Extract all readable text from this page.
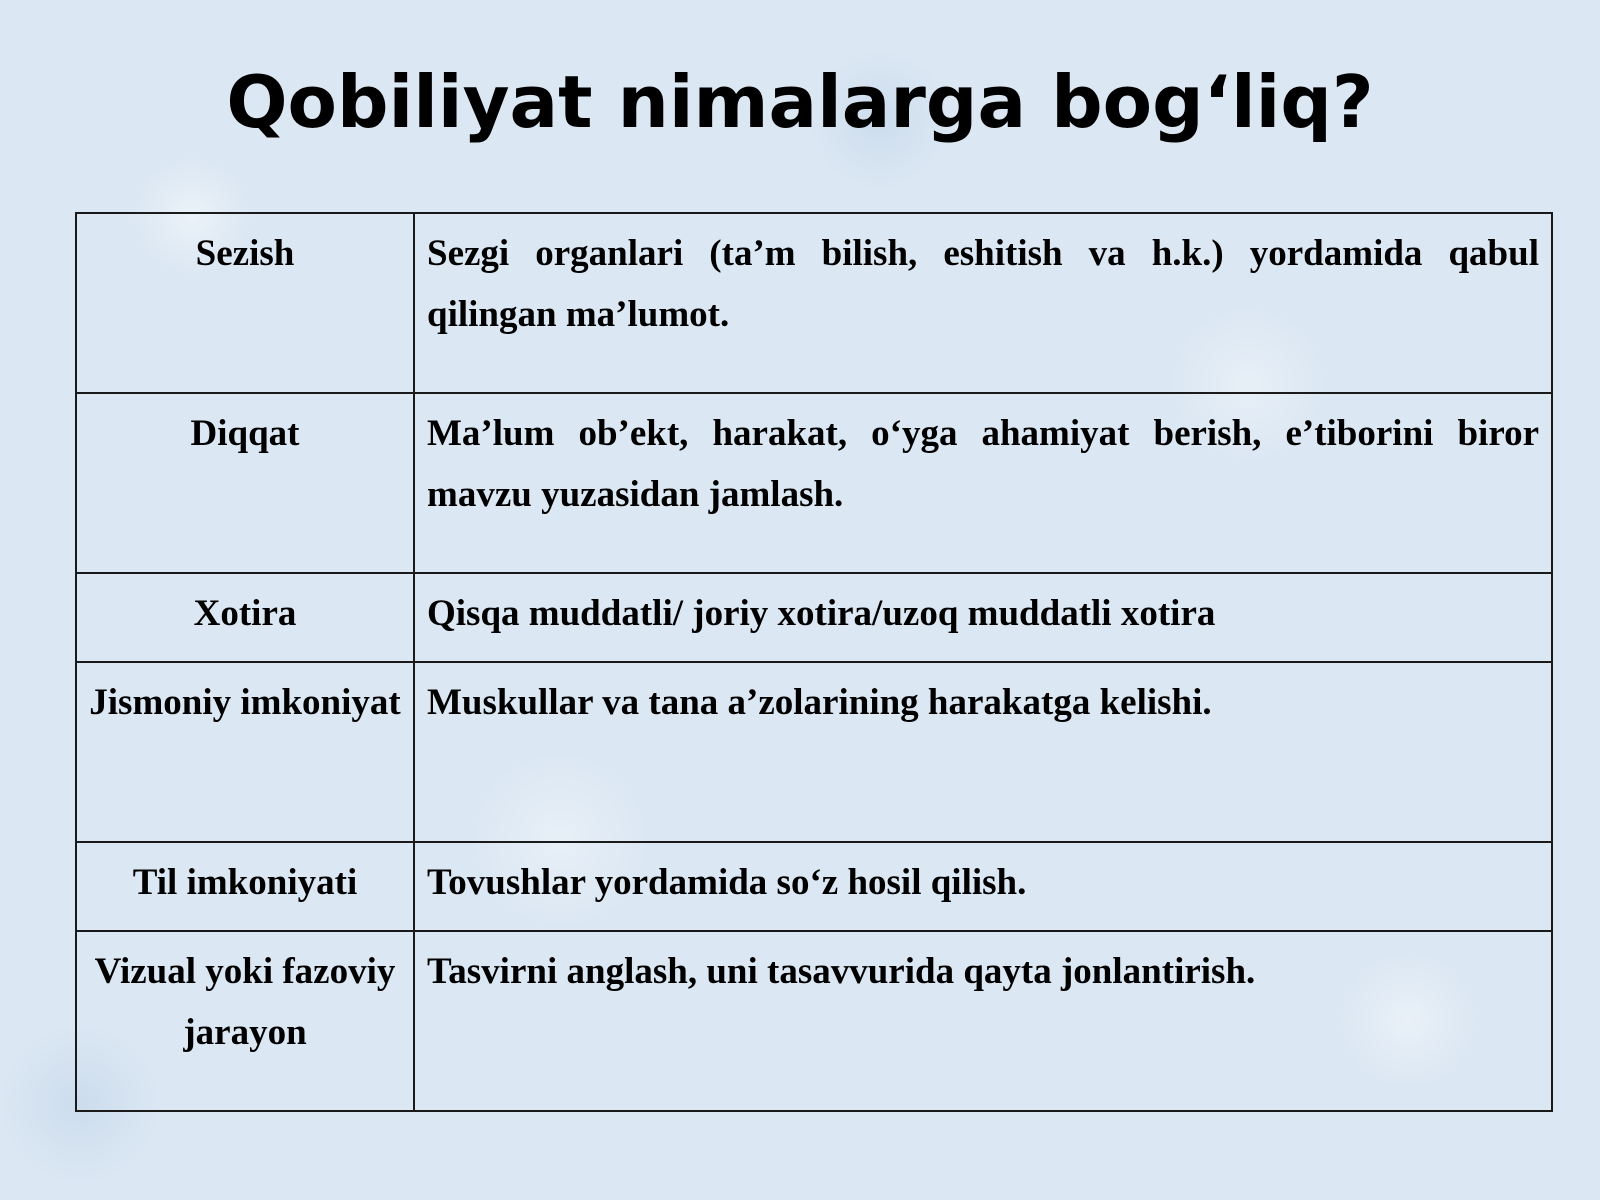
Qobiliyat nimalarga bog‘liq?
Sezish	Sezgi organlari (ta’m bilish, eshitish va h.k.) yordamida qabul qilingan ma’lumot.
Diqqat	Ma’lum ob’ekt, harakat, o‘yga ahamiyat berish, e’tiborini biror mavzu yuzasidan jamlash.
Xotira	Qisqa muddatli/ joriy xotira/uzoq muddatli xotira
Jismoniy imkoniyat	Muskullar va tana a’zolarining harakatga kelishi.
Til imkoniyati	Tovushlar yordamida so‘z hosil qilish.
Vizual yoki fazoviy jarayon	Tasvirni anglash, uni tasavvurida qayta jonlantirish.
